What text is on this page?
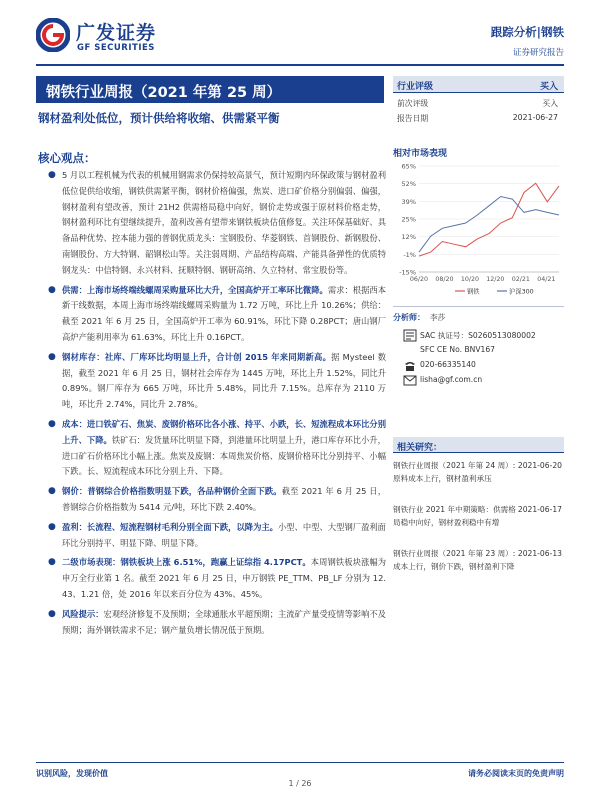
广发证券
GF SECURITIES
跟踪分析|钢铁
证券研究报告
钢铁行业周报（2021 年第 25 周）
钢材盈利处低位，预计供给将收缩、供需紧平衡
行业评级	买入
前次评级	买入
报告日期	2021-06-27
核心观点：
● 5 月以工程机械为代表的机械用钢需求仍保持较高景气，预计短期内环保政策与钢材盈利低位促供给收缩，钢铁供需紧平衡，钢材价格偏强，焦炭、进口矿价格分别偏弱、偏强，钢材盈利有望改善，预计 21H2 供需格局稳中向好，钢价走势或强于原材料价格走势，钢材盈利环比有望继续提升，盈利改善有望带来钢铁板块估值修复。关注环保基础好、具备品种优势、控本能力强的普钢优质龙头：宝钢股份、华菱钢铁、首钢股份、新钢股份、南钢股份、方大特钢、韶钢松山等。关注弱周期、产品结构高端、产能具备弹性的优质特钢龙头：中信特钢、永兴材料、抚顺特钢、钢研高纳、久立特材、常宝股份等。
● 供需：上海市场终端线螺周采购量环比大升，全国高炉开工率环比微降。需求：根据西本新干线数据，本周上海市场终端线螺周采购量为 1.72 万吨，环比上升 10.26%；供给：截至 2021 年 6 月 25 日，全国高炉开工率为 60.91%，环比下降 0.28PCT；唐山钢厂高炉产能利用率为 61.63%，环比上升 0.16PCT。
● 钢材库存：社库、厂库环比均明显上升，合计创 2015 年来同期新高。据 Mysteel 数据，截至 2021 年 6 月 25 日，钢材社会库存为 1445 万吨，环比上升 1.52%，同比升 0.89%。钢厂库存为 665 万吨，环比升 5.48%，同比升 7.15%。总库存为 2110 万吨，环比升 2.74%，同比升 2.78%。
● 成本：进口铁矿石、焦炭、废钢价格环比各小涨、持平、小跌，长、短流程成本环比分别上升、下降。铁矿石：发货量环比明显下降，到港量环比明显上升，港口库存环比小升，进口矿石价格环比小幅上涨。焦炭及废钢：本周焦炭价格、废钢价格环比分别持平、小幅下跌。长、短流程成本环比分别上升、下降。
● 钢价：普钢综合价格指数明显下跌，各品种钢价全面下跌。截至 2021 年 6 月 25 日，普钢综合价格指数为 5414 元/吨，环比下跌 2.40%。
● 盈利：长流程、短流程钢材毛利分别全面下跌，以降为主。小型、中型、大型钢厂盈利面环比分别持平、明显下降、明显下降。
● 二级市场表现：钢铁板块上涨 6.51%，跑赢上证综指 4.17PCT。本周钢铁板块涨幅为申万全行业第 1 名。截至 2021 年 6 月 25 日，申万钢铁 PE_TTM、PB_LF 分别为 12.43、1.21 倍，处 2016 年以来百分位为 43%、45%。
● 风险提示：宏观经济修复不及预期；全球通胀水平超预期；主流矿产量受疫情等影响不及预期；海外钢铁需求不足；钢产量负增长情况低于预期。
相对市场表现
65%
52%
39%
25%
12%
-1%
-15%
06/20 08/20 10/20 12/20 02/21 04/21
钢铁	沪深300
分析师： 李莎
SAC 执证号：S0260513080002
SFC CE No. BNV167
020-66335140
lisha@gf.com.cn
相关研究：
钢铁行业周报（2021 年第 24 周）:原料成本上行，钢材盈利承压
2021-06-20
钢铁行业 2021 年中期策略：供需格局稳中向好，钢材盈利稳中有增
2021-06-17
钢铁行业周报（2021 年第 23 周）:成本上行，钢价下跌，钢材盈利下降
2021-06-13
识别风险，发现价值	请务必阅读末页的免责声明
1 / 26
